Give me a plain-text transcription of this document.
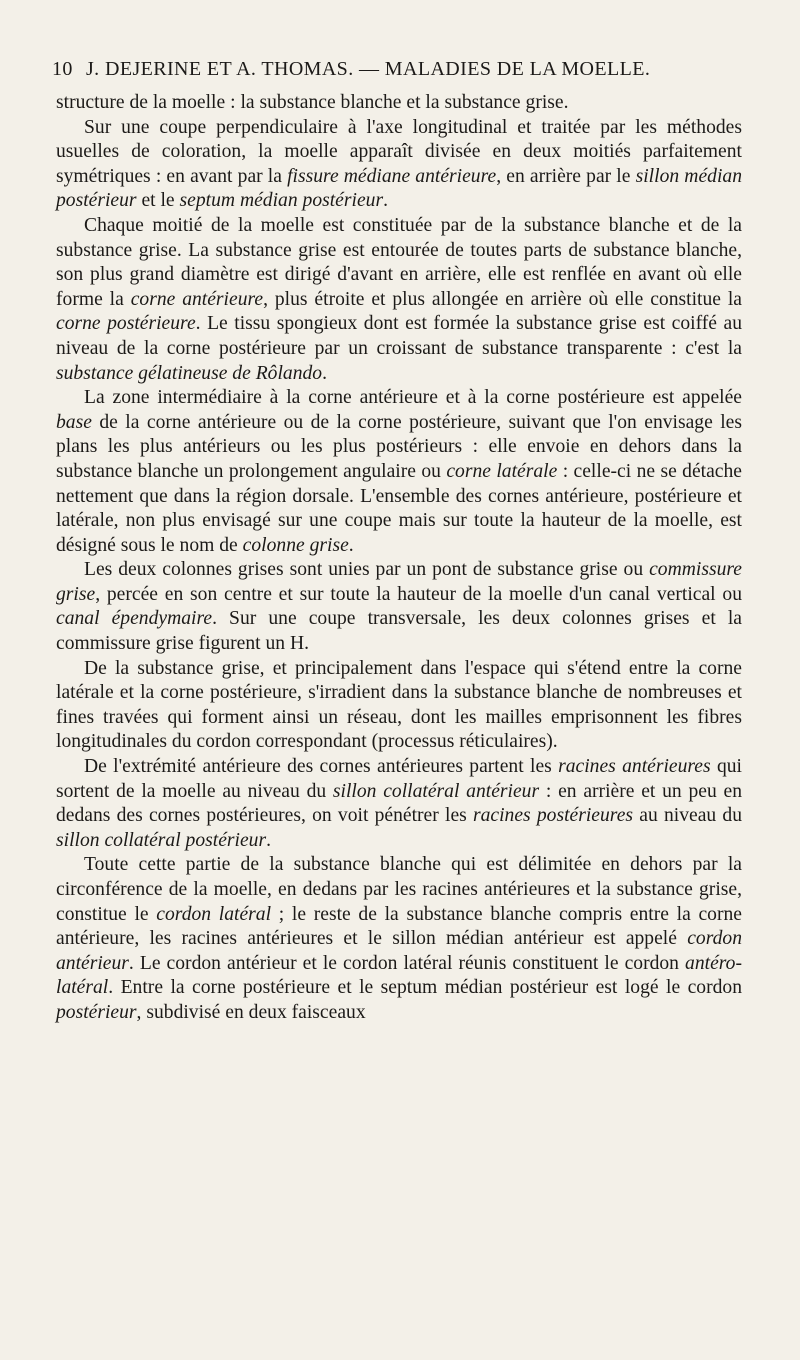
10 J. DEJERINE ET A. THOMAS. — MALADIES DE LA MOELLE.

structure de la moelle : la substance blanche et la substance grise.

Sur une coupe perpendiculaire à l'axe longitudinal et traitée par les méthodes usuelles de coloration, la moelle apparaît divisée en deux moitiés parfaitement symétriques : en avant par la fissure médiane antérieure, en arrière par le sillon médian postérieur et le septum médian postérieur.

Chaque moitié de la moelle est constituée par de la substance blanche et de la substance grise. La substance grise est entourée de toutes parts de substance blanche, son plus grand diamètre est dirigé d'avant en arrière, elle est renflée en avant où elle forme la corne antérieure, plus étroite et plus allongée en arrière où elle constitue la corne postérieure. Le tissu spongieux dont est formée la substance grise est coiffé au niveau de la corne postérieure par un croissant de substance transparente : c'est la substance gélatineuse de Rôlando.

La zone intermédiaire à la corne antérieure et à la corne postérieure est appelée base de la corne antérieure ou de la corne postérieure, suivant que l'on envisage les plans les plus antérieurs ou les plus postérieurs : elle envoie en dehors dans la substance blanche un prolongement angulaire ou corne latérale : celle-ci ne se détache nettement que dans la région dorsale. L'ensemble des cornes antérieure, postérieure et latérale, non plus envisagé sur une coupe mais sur toute la hauteur de la moelle, est désigné sous le nom de colonne grise.

Les deux colonnes grises sont unies par un pont de substance grise ou commissure grise, percée en son centre et sur toute la hauteur de la moelle d'un canal vertical ou canal épendymaire. Sur une coupe transversale, les deux colonnes grises et la commissure grise figurent un H.

De la substance grise, et principalement dans l'espace qui s'étend entre la corne latérale et la corne postérieure, s'irradient dans la substance blanche de nombreuses et fines travées qui forment ainsi un réseau, dont les mailles emprisonnent les fibres longitudinales du cordon correspondant (processus réticulaires).

De l'extrémité antérieure des cornes antérieures partent les racines antérieures qui sortent de la moelle au niveau du sillon collatéral antérieur : en arrière et un peu en dedans des cornes postérieures, on voit pénétrer les racines postérieures au niveau du sillon collatéral postérieur.

Toute cette partie de la substance blanche qui est délimitée en dehors par la circonférence de la moelle, en dedans par les racines antérieures et la substance grise, constitue le cordon latéral ; le reste de la substance blanche compris entre la corne antérieure, les racines antérieures et le sillon médian antérieur est appelé cordon antérieur. Le cordon antérieur et le cordon latéral réunis constituent le cordon antéro-latéral. Entre la corne postérieure et le septum médian postérieur est logé le cordon postérieur, subdivisé en deux faisceaux
